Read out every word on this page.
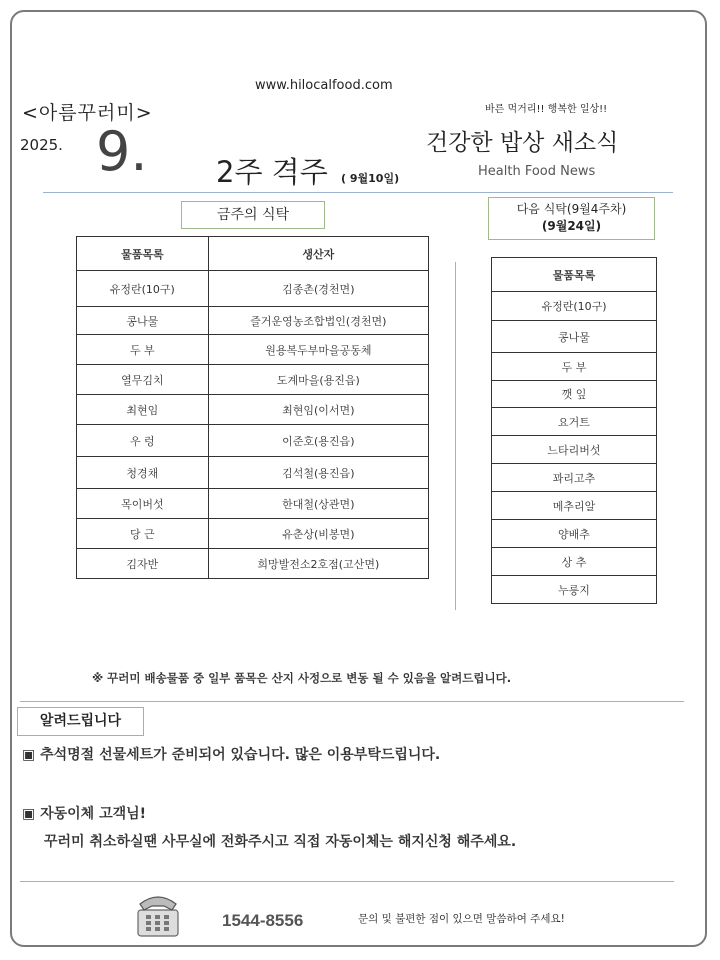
www.hilocalfood.com
<아름꾸러미>	바른 먹거리!! 행복한 일상!!
2025. 9.	건강한 밥상 새소식
2주 격주 ( 9월10일)	Health Food News
금주의 식탁
물품목록	생산자
유정란(10구)	김종촌(경천면)
콩나물	즐거운영농조합법인(경천면)
두 부	원용복두부마을공동체
열무김치	도계마을(용진읍)
최현임	최현임(이서면)
우 렁	이준호(용진읍)
청경채	김석철(용진읍)
목이버섯	한대철(상관면)
당 근	유춘상(비봉면)
김자반	희망발전소2호점(고산면)
다음 식탁(9월4주차)
(9월24일)
물품목록
유정란(10구)
콩나물
두 부
깻 잎
요거트
느타리버섯
꽈리고추
메추리알
양배추
상 추
누룽지
※ 꾸러미 배송물품 중 일부 품목은 산지 사정으로 변동 될 수 있음을 알려드립니다.
알려드립니다
▣ 추석명절 선물세트가 준비되어 있습니다. 많은 이용부탁드립니다.
▣ 자동이체 고객님!
꾸러미 취소하실땐 사무실에 전화주시고 직접 자동이체는 해지신청 해주세요.
1544-8556	문의 및 불편한 점이 있으면 말씀하여 주세요!
